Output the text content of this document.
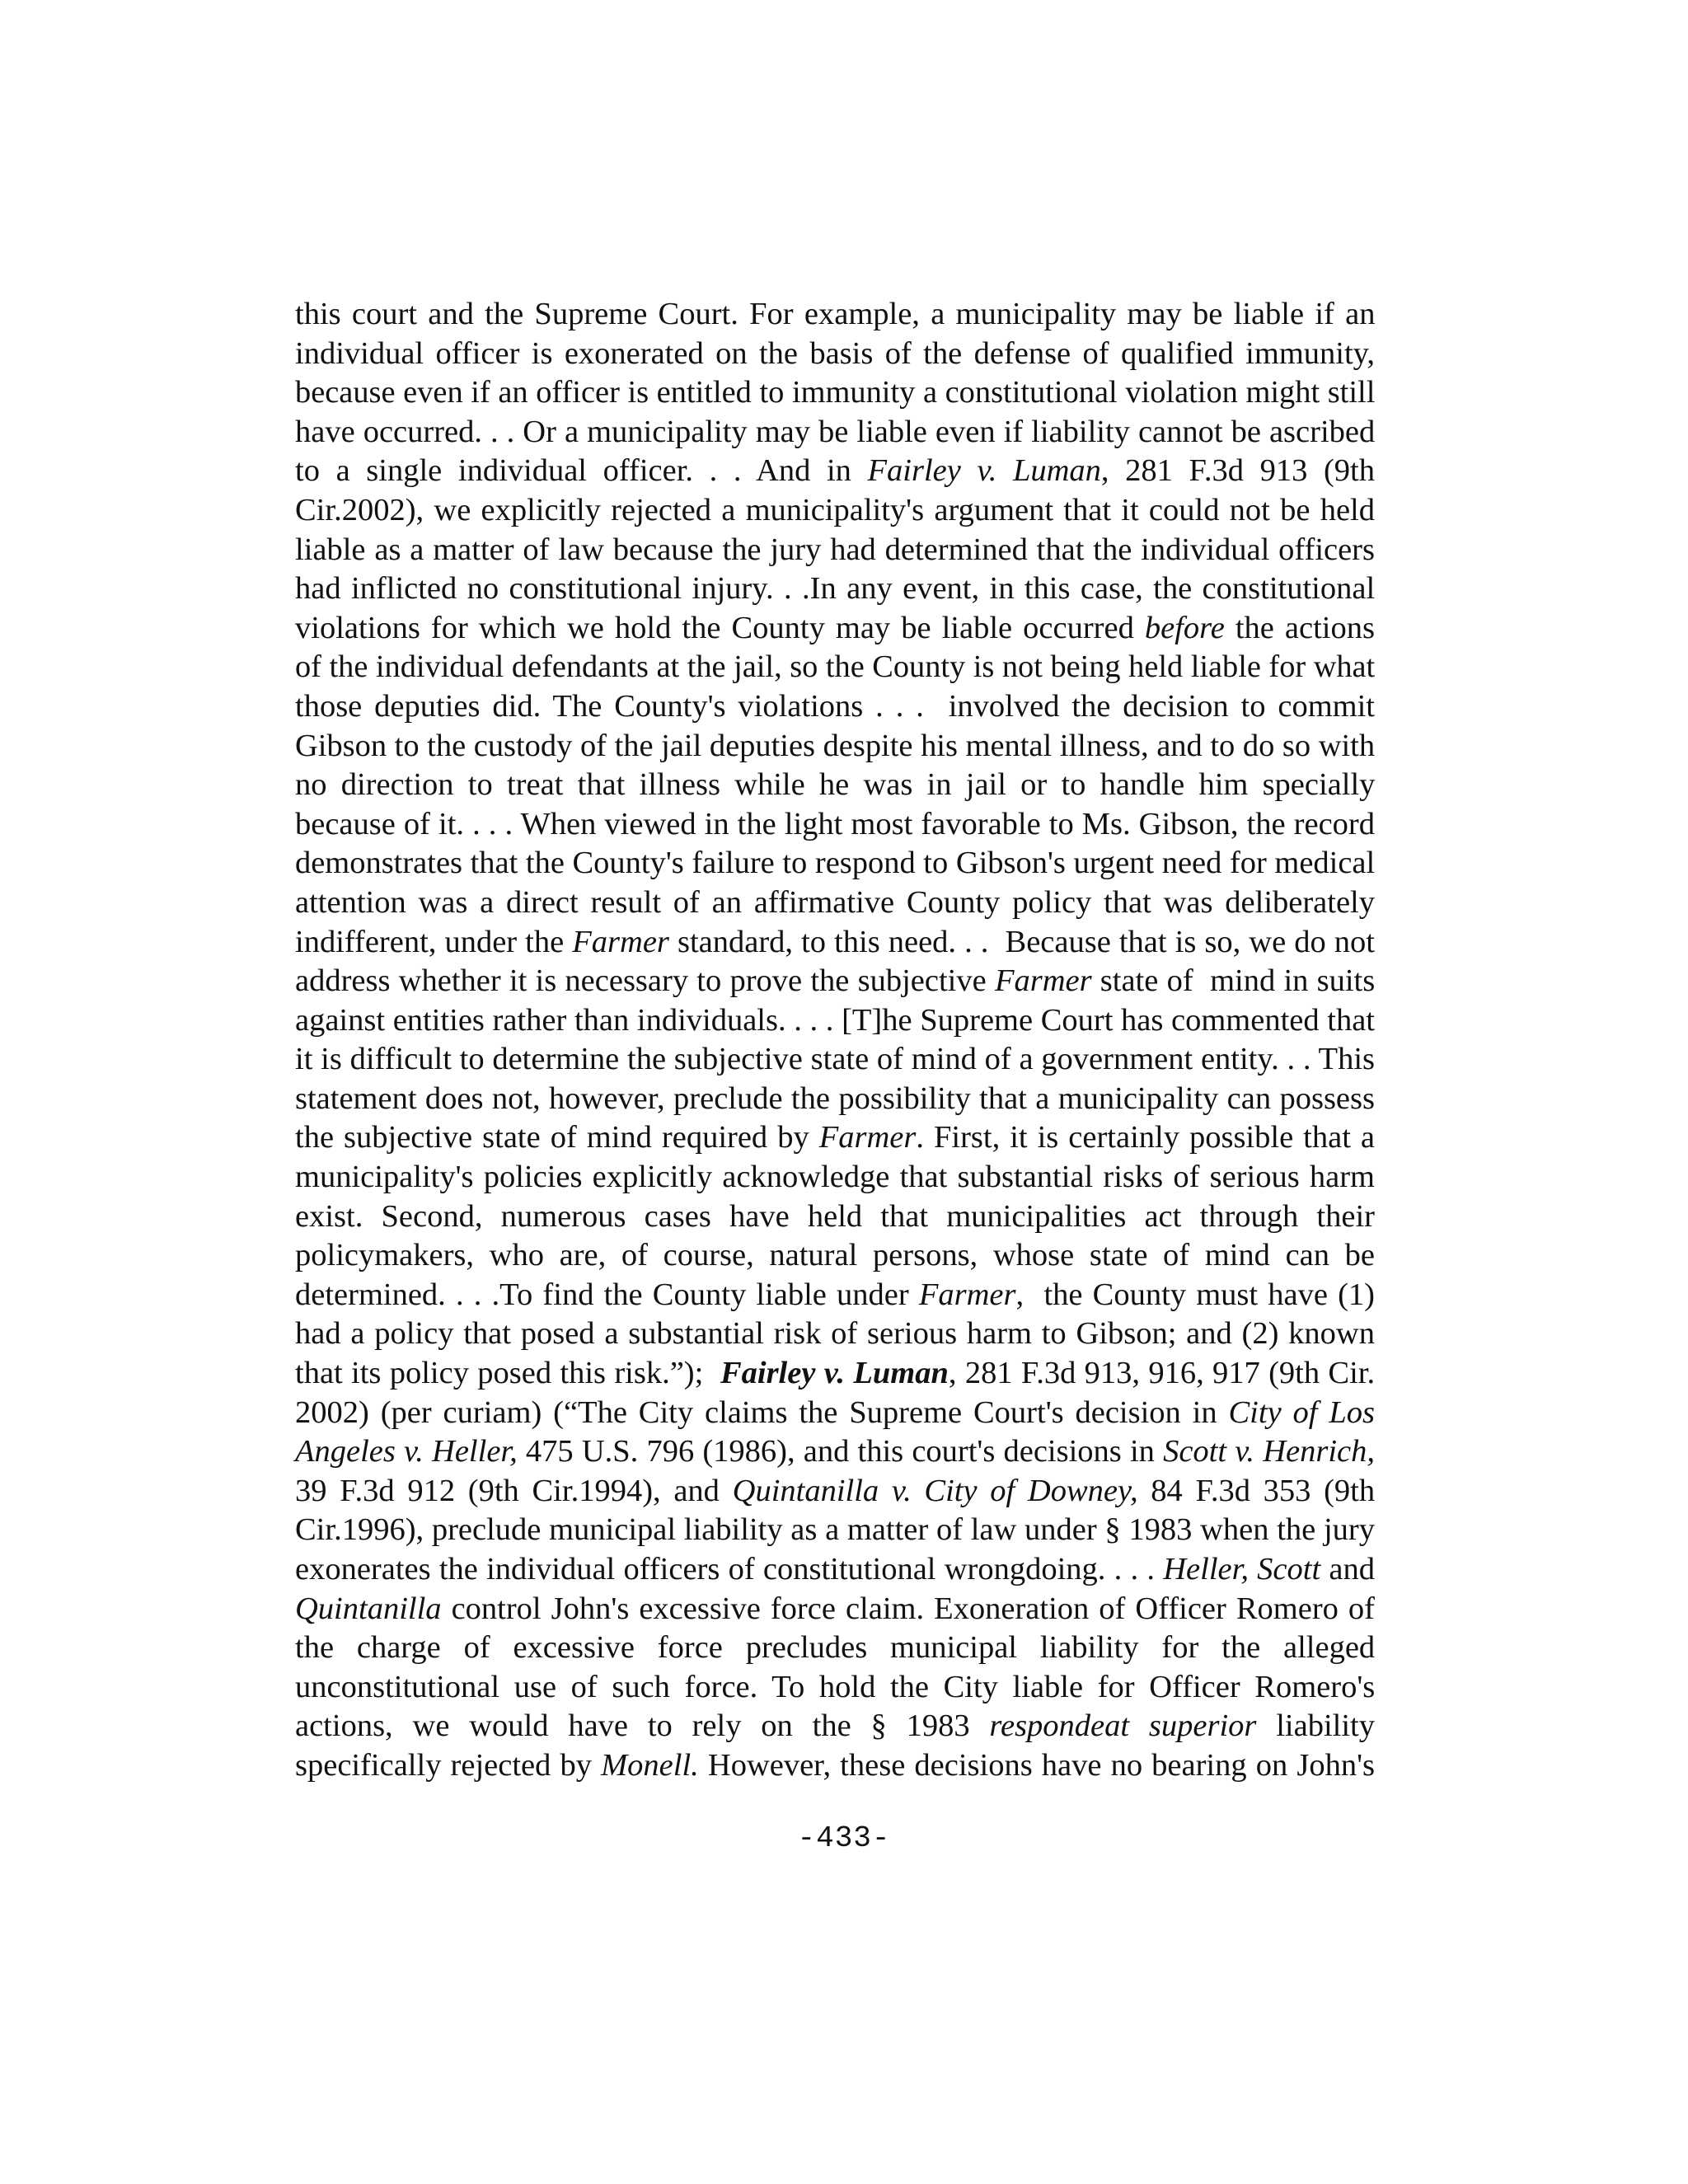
this court and the Supreme Court. For example, a municipality may be liable if an
individual officer is exonerated on the basis of the defense of qualified immunity,
because even if an officer is entitled to immunity a constitutional violation might still
have occurred. . . Or a municipality may be liable even if liability cannot be ascribed
to a single individual officer. . . And in Fairley v. Luman, 281 F.3d 913 (9th
Cir.2002), we explicitly rejected a municipality's argument that it could not be held
liable as a matter of law because the jury had determined that the individual officers
had inflicted no constitutional injury. . .In any event, in this case, the constitutional
violations for which we hold the County may be liable occurred before the actions
of the individual defendants at the jail, so the County is not being held liable for what
those deputies did. The County's violations . . .  involved the decision to commit
Gibson to the custody of the jail deputies despite his mental illness, and to do so with
no direction to treat that illness while he was in jail or to handle him specially
because of it. . . . When viewed in the light most favorable to Ms. Gibson, the record
demonstrates that the County's failure to respond to Gibson's urgent need for medical
attention was a direct result of an affirmative County policy that was deliberately
indifferent, under the Farmer standard, to this need. . .  Because that is so, we do not
address whether it is necessary to prove the subjective Farmer state of  mind in suits
against entities rather than individuals. . . . [T]he Supreme Court has commented that
it is difficult to determine the subjective state of mind of a government entity. . . This
statement does not, however, preclude the possibility that a municipality can possess
the subjective state of mind required by Farmer. First, it is certainly possible that a
municipality's policies explicitly acknowledge that substantial risks of serious harm
exist. Second, numerous cases have held that municipalities act through their
policymakers, who are, of course, natural persons, whose state of mind can be
determined. . . .To find the County liable under Farmer,  the County must have (1)
had a policy that posed a substantial risk of serious harm to Gibson; and (2) known
that its policy posed this risk.”);  Fairley v. Luman, 281 F.3d 913, 916, 917 (9th Cir.
2002) (per curiam) (“The City claims the Supreme Court's decision in City of Los
Angeles v. Heller, 475 U.S. 796 (1986), and this court's decisions in Scott v. Henrich,
39 F.3d 912 (9th Cir.1994), and Quintanilla v. City of Downey, 84 F.3d 353 (9th
Cir.1996), preclude municipal liability as a matter of law under § 1983 when the jury
exonerates the individual officers of constitutional wrongdoing. . . . Heller, Scott and
Quintanilla control John's excessive force claim. Exoneration of Officer Romero of
the charge of excessive force precludes municipal liability for the alleged
unconstitutional use of such force. To hold the City liable for Officer Romero's
actions, we would have to rely on the § 1983 respondeat superior liability
specifically rejected by Monell. However, these decisions have no bearing on John's
-433-
